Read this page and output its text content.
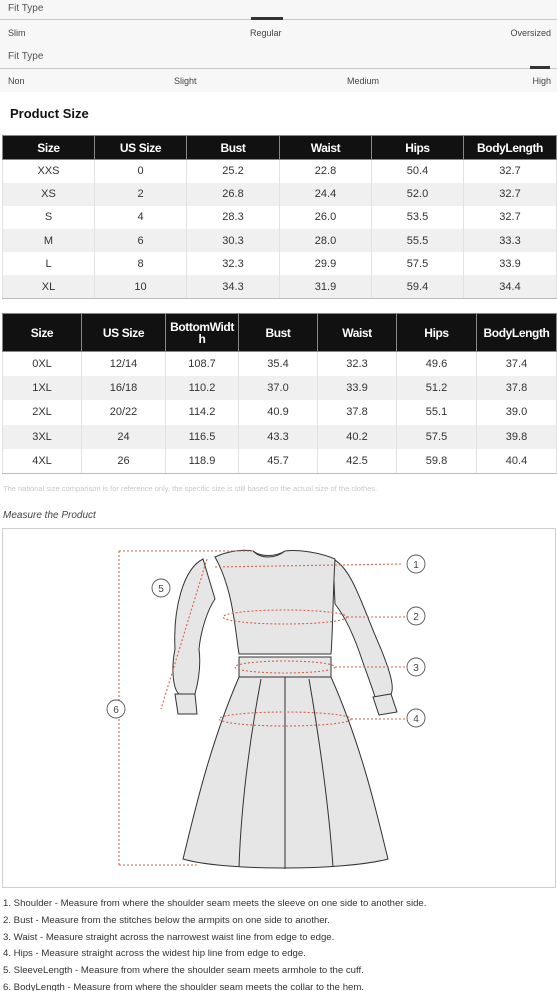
Fit Type
Slim	Regular	Oversized
Fit Type
Non	Slight	Medium	High
Product Size
Size	US Size	Bust	Waist	Hips	BodyLength
XXS	0	25.2	22.8	50.4	32.7
XS	2	26.8	24.4	52.0	32.7
S	4	28.3	26.0	53.5	32.7
M	6	30.3	28.0	55.5	33.3
L	8	32.3	29.9	57.5	33.9
XL	10	34.3	31.9	59.4	34.4
Size	US Size	BottomWidth	Bust	Waist	Hips	BodyLength
0XL	12/14	108.7	35.4	32.3	49.6	37.4
1XL	16/18	110.2	37.0	33.9	51.2	37.8
2XL	20/22	114.2	40.9	37.8	55.1	39.0
3XL	24	116.5	43.3	40.2	57.5	39.8
4XL	26	118.9	45.7	42.5	59.8	40.4
The national size comparison is for reference only, the specific size is still based on the actual size of the clothes.
Measure the Product
1
2
3
4
5
6
1. Shoulder - Measure from where the shoulder seam meets the sleeve on one side to another side.
2. Bust - Measure from the stitches below the armpits on one side to another.
3. Waist - Measure straight across the narrowest waist line from edge to edge.
4. Hips - Measure straight across the widest hip line from edge to edge.
5. SleeveLength - Measure from where the shoulder seam meets armhole to the cuff.
6. BodyLength - Measure from where the shoulder seam meets the collar to the hem.
